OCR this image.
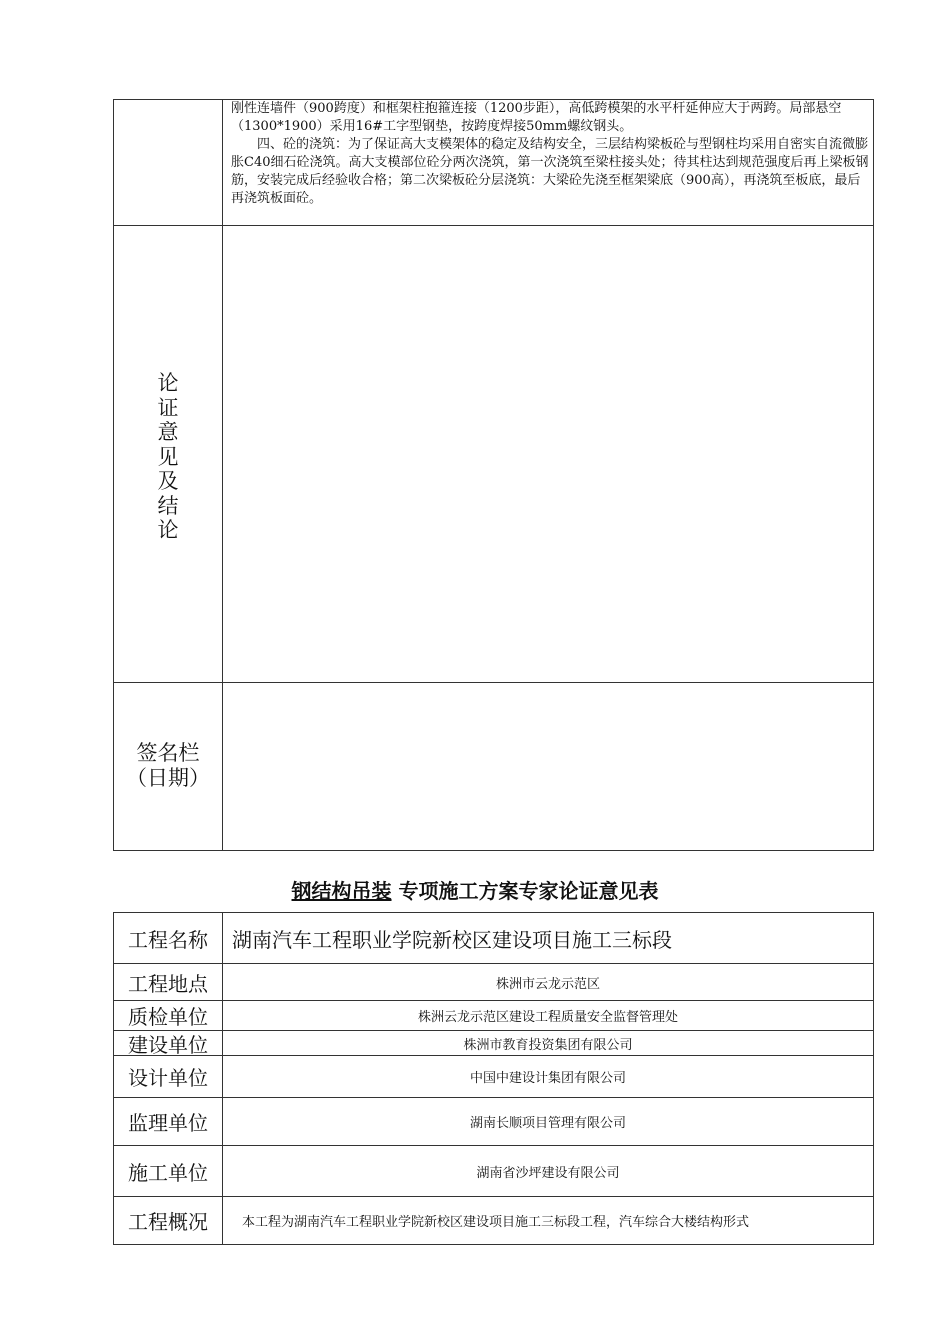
刚性连墙件（900跨度）和框架柱抱箍连接（1200步距），高低跨模架的水平杆延伸应大于两跨。局部悬空（1300*1900）采用16#工字型钢垫，按跨度焊接50mm螺纹钢头。

四、砼的浇筑：为了保证高大支模架体的稳定及结构安全，三层结构梁板砼与型钢柱均采用自密实自流微膨胀C40细石砼浇筑。高大支模部位砼分两次浇筑，第一次浇筑至梁柱接头处；待其柱达到规范强度后再上梁板钢筋，安装完成后经验收合格；第二次梁板砼分层浇筑：大梁砼先浇至框架梁底（900高），再浇筑至板底，最后再浇筑板面砼。

论
证
意
见
及
结
论
签名栏
（日期）
钢结构吊装 专项施工方案专家论证意见表
工程名称	湖南汽车工程职业学院新校区建设项目施工三标段
工程地点	株洲市云龙示范区
质检单位	株洲云龙示范区建设工程质量安全监督管理处
建设单位	株洲市教育投资集团有限公司
设计单位	中国中建设计集团有限公司
监理单位	湖南长顺项目管理有限公司
施工单位	湖南省沙坪建设有限公司
工程概况	本工程为湖南汽车工程职业学院新校区建设项目施工三标段工程，汽车综合大楼结构形式
